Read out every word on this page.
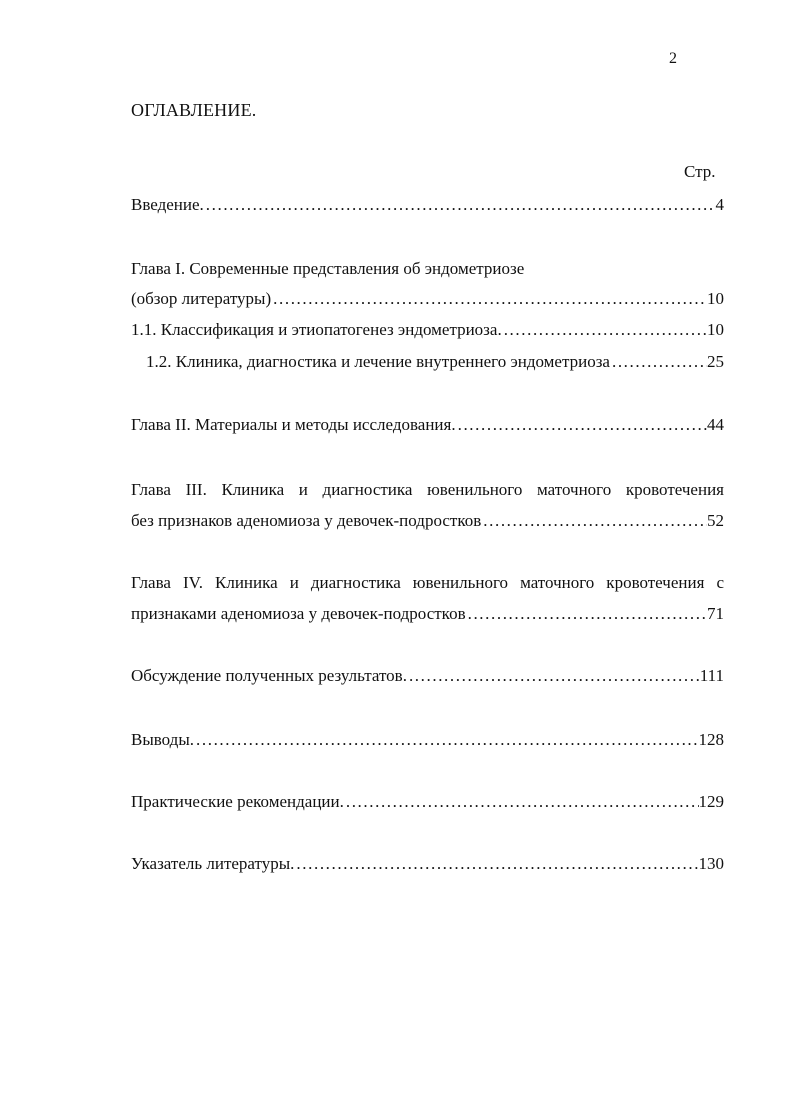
2
ОГЛАВЛЕНИЕ.
Стр.
Введение. .....	4
Глава I. Современные представления об эндометриозе
(обзор литературы) .....	10
1.1. Классификация и этиопатогенез эндометриоза. .....	10
1.2. Клиника, диагностика и лечение внутреннего эндометриоза .....	25
Глава II. Материалы и методы исследования. .....	44
Глава III. Клиника и диагностика ювенильного маточного кровотечения
без признаков аденомиоза у девочек-подростков .....	52
Глава IV. Клиника и диагностика ювенильного маточного кровотечения с
признаками аденомиоза у девочек-подростков .....	71
Обсуждение полученных результатов. .....	111
Выводы. .....	128
Практические рекомендации. .....	129
Указатель литературы. .....	130
